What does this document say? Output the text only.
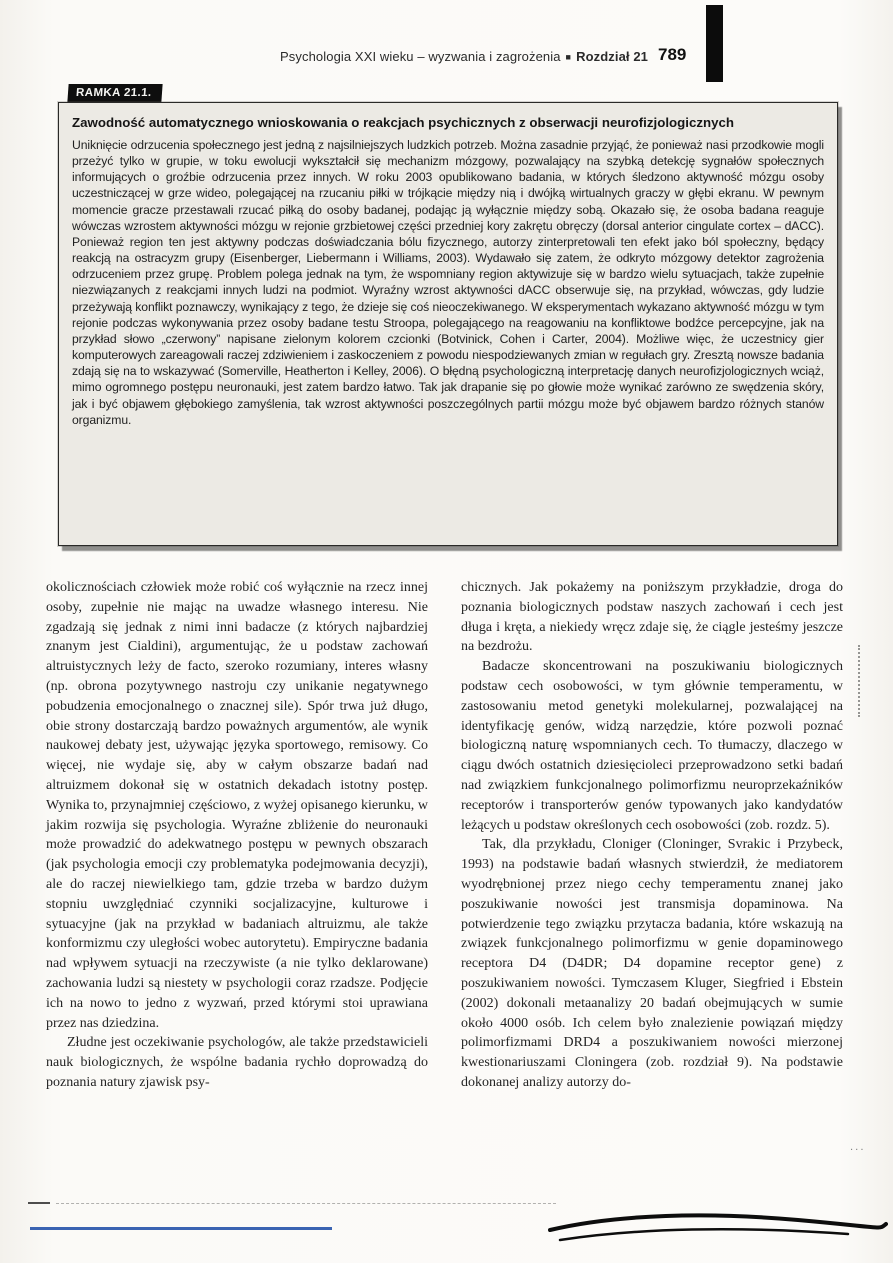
Psychologia XXI wieku – wyzwania i zagrożenia ■ Rozdział 21 789
RAMKA 21.1.
Zawodność automatycznego wnioskowania o reakcjach psychicznych z obserwacji neurofizjologicznych
Uniknięcie odrzucenia społecznego jest jedną z najsilniejszych ludzkich potrzeb. Można zasadnie przyjąć, że ponieważ nasi przodkowie mogli przeżyć tylko w grupie, w toku ewolucji wykształcił się mechanizm mózgowy, pozwalający na szybką detekcję sygnałów społecznych informujących o groźbie odrzucenia przez innych. W roku 2003 opublikowano badania, w których śledzono aktywność mózgu osoby uczestniczącej w grze wideo, polegającej na rzucaniu piłki w trójkącie między nią i dwójką wirtualnych graczy w głębi ekranu. W pewnym momencie gracze przestawali rzucać piłką do osoby badanej, podając ją wyłącznie między sobą. Okazało się, że osoba badana reaguje wówczas wzrostem aktywności mózgu w rejonie grzbietowej części przedniej kory zakrętu obręczy (dorsal anterior cingulate cortex – dACC). Ponieważ region ten jest aktywny podczas doświadczania bólu fizycznego, autorzy zinterpretowali ten efekt jako ból społeczny, będący reakcją na ostracyzm grupy (Eisenberger, Liebermann i Williams, 2003). Wydawało się zatem, że odkryto mózgowy detektor zagrożenia odrzuceniem przez grupę. Problem polega jednak na tym, że wspomniany region aktywizuje się w bardzo wielu sytuacjach, także zupełnie niezwiązanych z reakcjami innych ludzi na podmiot. Wyraźny wzrost aktywności dACC obserwuje się, na przykład, wówczas, gdy ludzie przeżywają konflikt poznawczy, wynikający z tego, że dzieje się coś nieoczekiwanego. W eksperymentach wykazano aktywność mózgu w tym rejonie podczas wykonywania przez osoby badane testu Stroopa, polegającego na reagowaniu na konfliktowe bodźce percepcyjne, jak na przykład słowo „czerwony” napisane zielonym kolorem czcionki (Botvinick, Cohen i Carter, 2004). Możliwe więc, że uczestnicy gier komputerowych zareagowali raczej zdziwieniem i zaskoczeniem z powodu niespodziewanych zmian w regułach gry. Zresztą nowsze badania zdają się na to wskazywać (Somerville, Heatherton i Kelley, 2006). O błędną psychologiczną interpretację danych neurofizjologicznych wciąż, mimo ogromnego postępu neuronauki, jest zatem bardzo łatwo. Tak jak drapanie się po głowie może wynikać zarówno ze swędzenia skóry, jak i być objawem głębokiego zamyślenia, tak wzrost aktywności poszczególnych partii mózgu może być objawem bardzo różnych stanów organizmu.

okolicznościach człowiek może robić coś wyłącznie na rzecz innej osoby, zupełnie nie mając na uwadze własnego interesu. Nie zgadzają się jednak z nimi inni badacze (z których najbardziej znanym jest Cialdini), argumentując, że u podstaw zachowań altruistycznych leży de facto, szeroko rozumiany, interes własny (np. obrona pozytywnego nastroju czy unikanie negatywnego pobudzenia emocjonalnego o znacznej sile). Spór trwa już długo, obie strony dostarczają bardzo poważnych argumentów, ale wynik naukowej debaty jest, używając języka sportowego, remisowy. Co więcej, nie wydaje się, aby w całym obszarze badań nad altruizmem dokonał się w ostatnich dekadach istotny postęp. Wynika to, przynajmniej częściowo, z wyżej opisanego kierunku, w jakim rozwija się psychologia. Wyraźne zbliżenie do neuronauki może prowadzić do adekwatnego postępu w pewnych obszarach (jak psychologia emocji czy problematyka podejmowania decyzji), ale do raczej niewielkiego tam, gdzie trzeba w bardzo dużym stopniu uwzględniać czynniki socjalizacyjne, kulturowe i sytuacyjne (jak na przykład w badaniach altruizmu, ale także konformizmu czy uległości wobec autorytetu). Empiryczne badania nad wpływem sytuacji na rzeczywiste (a nie tylko deklarowane) zachowania ludzi są niestety w psychologii coraz rzadsze. Podjęcie ich na nowo to jedno z wyzwań, przed którymi stoi uprawiana przez nas dziedzina.

Złudne jest oczekiwanie psychologów, ale także przedstawicieli nauk biologicznych, że wspólne badania rychło doprowadzą do poznania natury zjawisk psy-

chicznych. Jak pokażemy na poniższym przykładzie, droga do poznania biologicznych podstaw naszych zachowań i cech jest długa i kręta, a niekiedy wręcz zdaje się, że ciągle jesteśmy jeszcze na bezdrożu.

Badacze skoncentrowani na poszukiwaniu biologicznych podstaw cech osobowości, w tym głównie temperamentu, w zastosowaniu metod genetyki molekularnej, pozwalającej na identyfikację genów, widzą narzędzie, które pozwoli poznać biologiczną naturę wspomnianych cech. To tłumaczy, dlaczego w ciągu dwóch ostatnich dziesięcioleci przeprowadzono setki badań nad związkiem funkcjonalnego polimorfizmu neuroprzekaźników receptorów i transporterów genów typowanych jako kandydatów leżących u podstaw określonych cech osobowości (zob. rozdz. 5).

Tak, dla przykładu, Cloniger (Cloninger, Svrakic i Przybeck, 1993) na podstawie badań własnych stwierdził, że mediatorem wyodrębnionej przez niego cechy temperamentu znanej jako poszukiwanie nowości jest transmisja dopaminowa. Na potwierdzenie tego związku przytacza badania, które wskazują na związek funkcjonalnego polimorfizmu w genie dopaminowego receptora D4 (D4DR; D4 dopamine receptor gene) z poszukiwaniem nowości. Tymczasem Kluger, Siegfried i Ebstein (2002) dokonali metaanalizy 20 badań obejmujących w sumie około 4000 osób. Ich celem było znalezienie powiązań między polimorfizmami DRD4 a poszukiwaniem nowości mierzonej kwestionariuszami Cloningera (zob. rozdział 9). Na podstawie dokonanej analizy autorzy do-

...
